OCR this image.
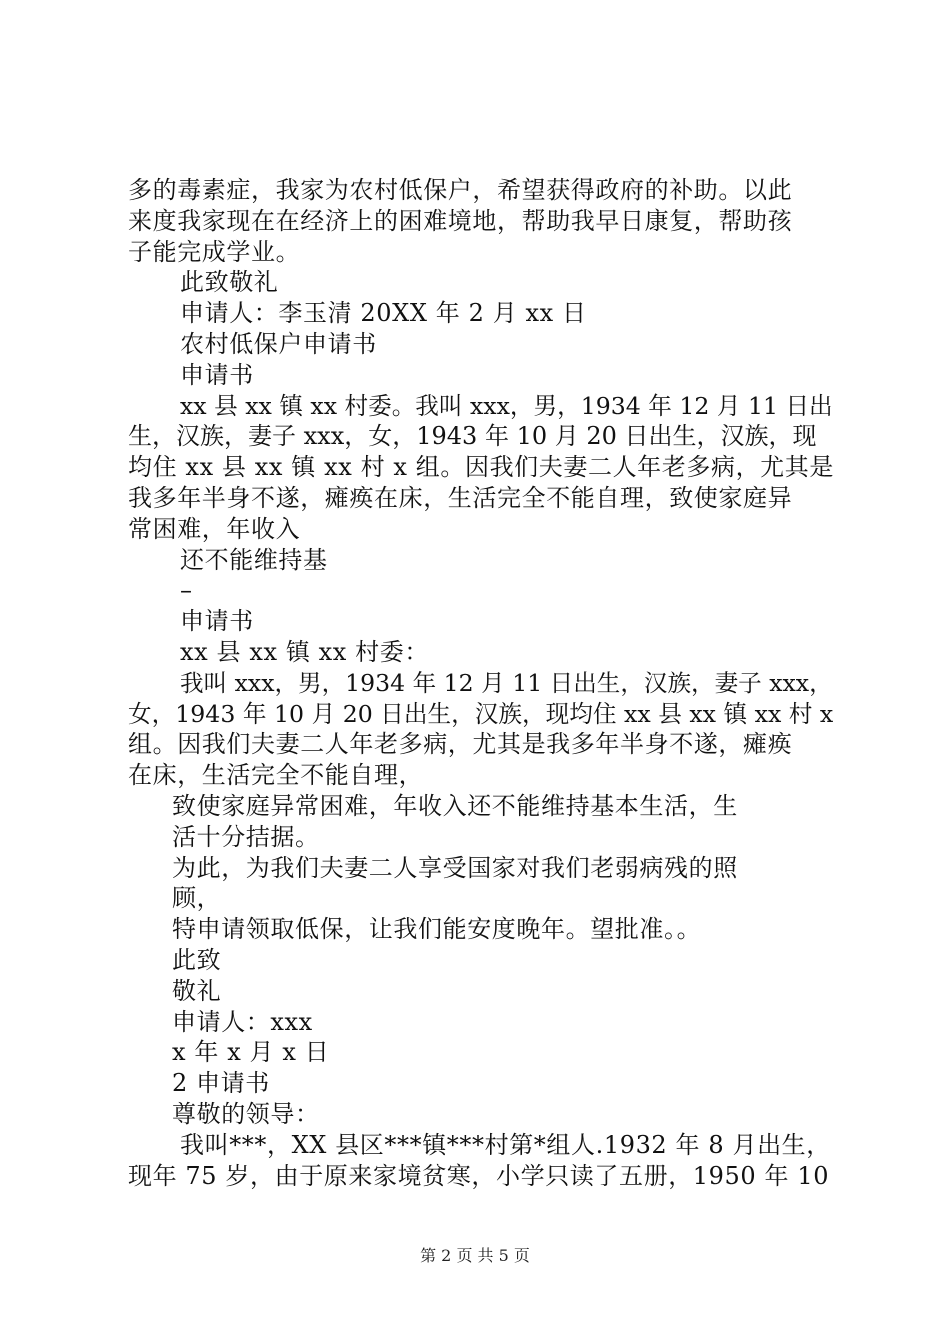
多的毒素症，我家为农村低保户，希望获得政府的补助。以此
来度我家现在在经济上的困难境地，帮助我早日康复，帮助孩
子能完成学业。
此致敬礼
申请人：李玉清 20XX 年 2 月 xx 日
农村低保户申请书
申请书
xx 县 xx 镇 xx 村委。我叫 xxx，男，1934 年 12 月 11 日出
生，汉族，妻子 xxx，女，1943 年 10 月 20 日出生，汉族，现
均住 xx 县 xx 镇 xx 村 x 组。因我们夫妻二人年老多病，尤其是
我多年半身不遂，瘫痪在床，生活完全不能自理，致使家庭异
常困难，年收入
还不能维持基
–
申请书
xx 县 xx 镇 xx 村委：
我叫 xxx，男，1934 年 12 月 11 日出生，汉族，妻子 xxx，
女，1943 年 10 月 20 日出生，汉族，现均住 xx 县 xx 镇 xx 村 x
组。因我们夫妻二人年老多病，尤其是我多年半身不遂，瘫痪
在床，生活完全不能自理，
致使家庭异常困难，年收入还不能维持基本生活，生
活十分拮据。
为此，为我们夫妻二人享受国家对我们老弱病残的照
顾，
特申请领取低保，让我们能安度晚年。望批准。。
此致
敬礼
申请人：xxx
x 年 x 月 x 日
2 申请书
尊敬的领导：
我叫***，XX 县区***镇***村第*组人.1932 年 8 月出生，
现年 75 岁，由于原来家境贫寒，小学只读了五册，1950 年 10
第 2 页 共 5 页
